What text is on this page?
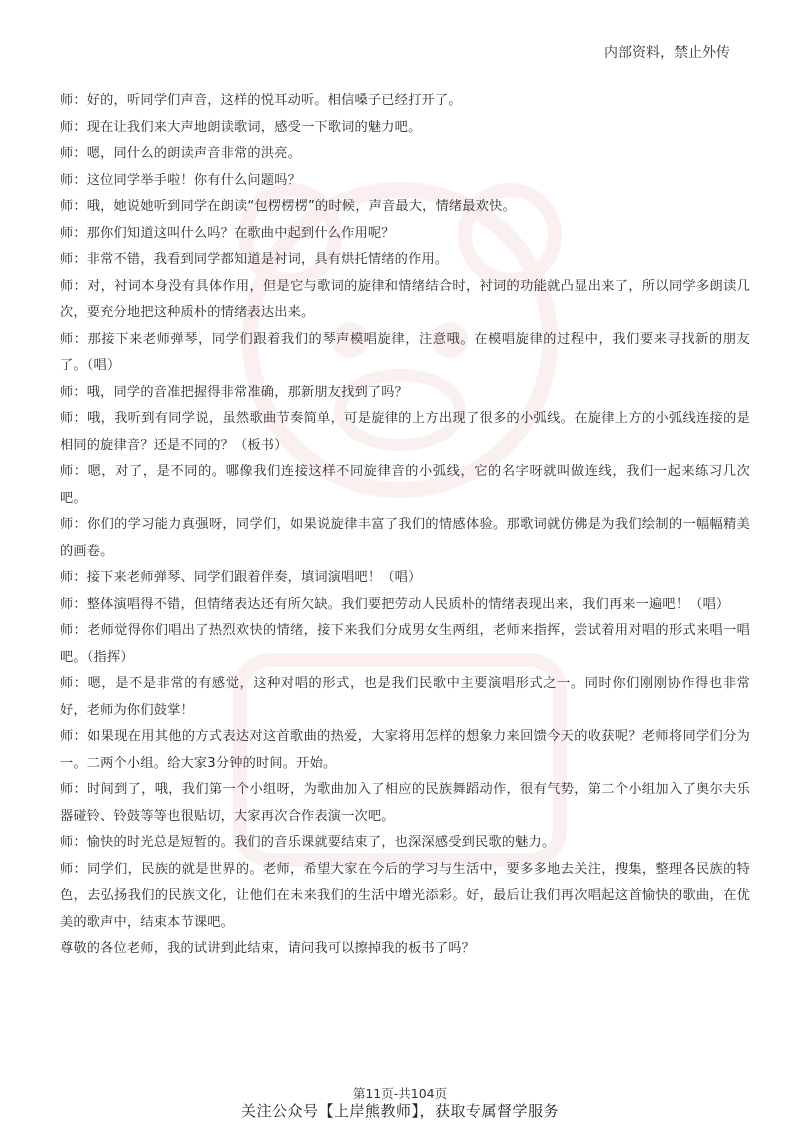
内部资料，禁止外传

师：好的，听同学们声音，这样的悦耳动听。相信嗓子已经打开了。

师：现在让我们来大声地朗读歌词，感受一下歌词的魅力吧。

师：嗯，同什么的朗读声音非常的洪亮。

师：这位同学举手啦！你有什么问题吗？

师：哦，她说她听到同学在朗读“包楞楞楞”的时候，声音最大，情绪最欢快。

师：那你们知道这叫什么吗？在歌曲中起到什么作用呢？

师：非常不错，我看到同学都知道是衬词，具有烘托情绪的作用。

师：对，衬词本身没有具体作用，但是它与歌词的旋律和情绪结合时，衬词的功能就凸显出来了，所以同学多朗读几次，要充分地把这种质朴的情绪表达出来。

师：那接下来老师弹琴，同学们跟着我们的琴声模唱旋律，注意哦。在模唱旋律的过程中，我们要来寻找新的朋友了。（唱）

师：哦，同学的音准把握得非常准确，那新朋友找到了吗？

师：哦，我听到有同学说，虽然歌曲节奏简单，可是旋律的上方出现了很多的小弧线。在旋律上方的小弧线连接的是相同的旋律音？还是不同的？（板书）

师：嗯，对了，是不同的。哪像我们连接这样不同旋律音的小弧线，它的名字呀就叫做连线，我们一起来练习几次吧。

师：你们的学习能力真强呀，同学们，如果说旋律丰富了我们的情感体验。那歌词就仿佛是为我们绘制的一幅幅精美的画卷。

师：接下来老师弹琴、同学们跟着伴奏，填词演唱吧！（唱）

师：整体演唱得不错，但情绪表达还有所欠缺。我们要把劳动人民质朴的情绪表现出来，我们再来一遍吧！（唱）

师：老师觉得你们唱出了热烈欢快的情绪，接下来我们分成男女生两组，老师来指挥，尝试着用对唱的形式来唱一唱吧。（指挥）

师：嗯，是不是非常的有感觉，这种对唱的形式，也是我们民歌中主要演唱形式之一。同时你们刚刚协作得也非常好，老师为你们鼓掌！

师：如果现在用其他的方式表达对这首歌曲的热爱，大家将用怎样的想象力来回馈今天的收获呢？老师将同学们分为一。二两个小组。给大家3分钟的时间。开始。

师：时间到了，哦，我们第一个小组呀，为歌曲加入了相应的民族舞蹈动作，很有气势，第二个小组加入了奥尔夫乐器碰铃、铃鼓等等也很贴切，大家再次合作表演一次吧。

师：愉快的时光总是短暂的。我们的音乐课就要结束了，也深深感受到民歌的魅力。

师：同学们，民族的就是世界的。老师，希望大家在今后的学习与生活中，要多多地去关注，搜集，整理各民族的特色，去弘扬我们的民族文化，让他们在未来我们的生活中增光添彩。好，最后让我们再次唱起这首愉快的歌曲，在优美的歌声中，结束本节课吧。

尊敬的各位老师，我的试讲到此结束，请问我可以擦掉我的板书了吗？

第11页-共104页
关注公众号【上岸熊教师】，获取专属督学服务
